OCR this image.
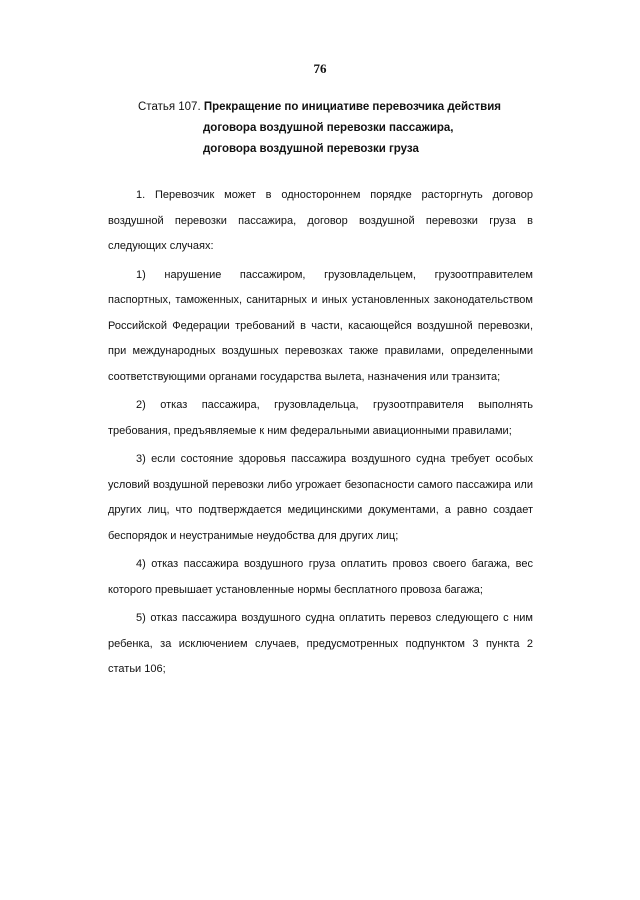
76
Статья 107. Прекращение по инициативе перевозчика действия
договора воздушной перевозки пассажира,
договора воздушной перевозки груза

1. Перевозчик может в одностороннем порядке расторгнуть договор воздушной перевозки пассажира, договор воздушной перевозки груза в следующих случаях:

1) нарушение пассажиром, грузовладельцем, грузоотправителем паспортных, таможенных, санитарных и иных установленных законодательством Российской Федерации требований в части, касающейся воздушной перевозки, при международных воздушных перевозках также правилами, определенными соответствующими органами государства вылета, назначения или транзита;

2) отказ пассажира, грузовладельца, грузоотправителя выполнять требования, предъявляемые к ним федеральными авиационными правилами;

3) если состояние здоровья пассажира воздушного судна требует особых условий воздушной перевозки либо угрожает безопасности самого пассажира или других лиц, что подтверждается медицинскими документами, а равно создает беспорядок и неустранимые неудобства для других лиц;

4) отказ пассажира воздушного груза оплатить провоз своего багажа, вес которого превышает установленные нормы бесплатного провоза багажа;

5) отказ пассажира воздушного судна оплатить перевоз следующего с ним ребенка, за исключением случаев, предусмотренных подпунктом 3 пункта 2 статьи 106;
